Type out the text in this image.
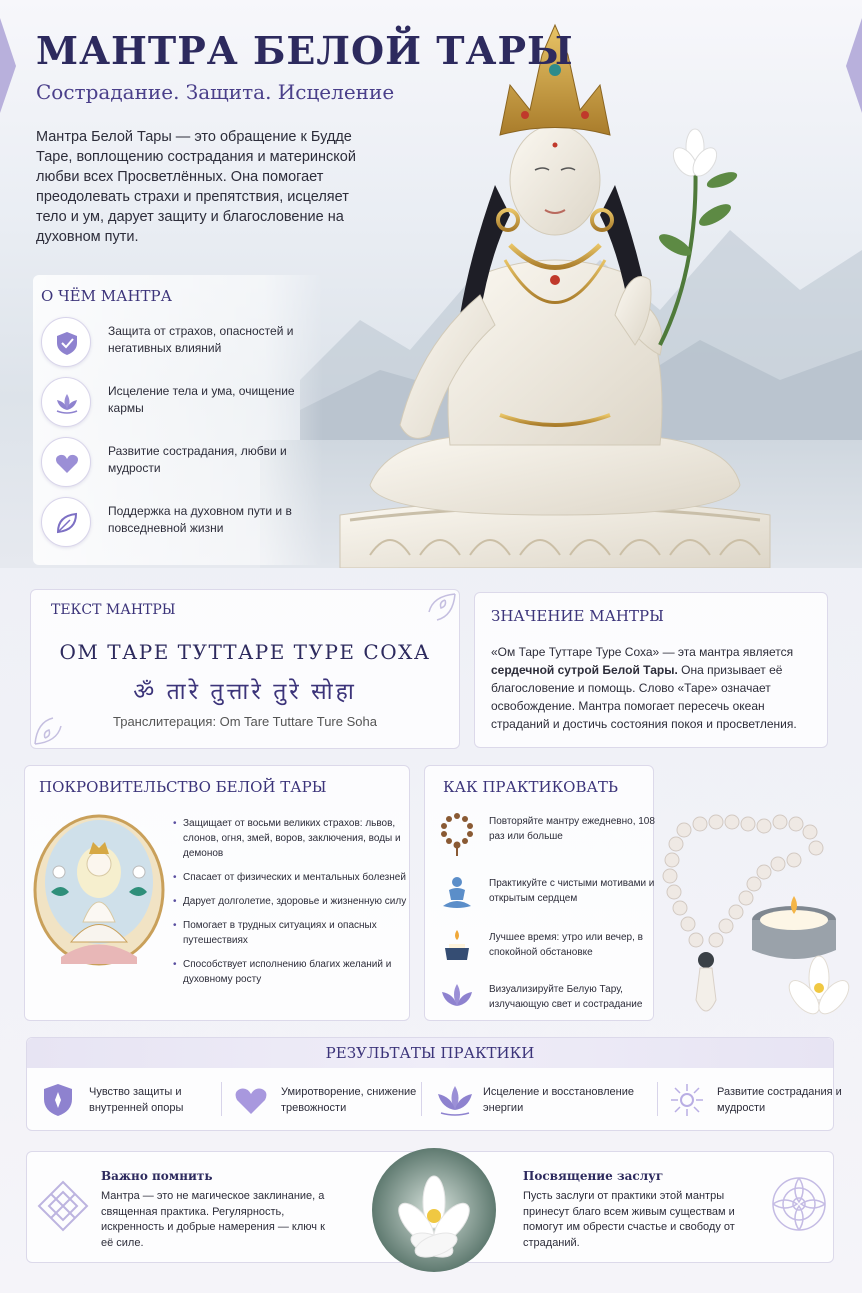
МАНТРА БЕЛОЙ ТАРЫ
Сострадание. Защита. Исцеление

Мантра Белой Тары — это обращение к Будде Таре, воплощению сострадания и материнской любви всех Просветлённых. Она помогает преодолевать страхи и препятствия, исцеляет тело и ум, дарует защиту и благословение на духовном пути.

О ЧЁМ МАНТРА
Защита от страхов, опасностей и негативных влияний
Исцеление тела и ума, очищение кармы
Развитие сострадания, любви и мудрости
Поддержка на духовном пути и в повседневной жизни
ТЕКСТ МАНТРЫ
ОМ ТАРЕ ТУТТАРЕ ТУРЕ СОХА
ॐ तारे तुत्तारे तुरे सोहा
Транслитерация: Om Tare Tuttare Ture Soha
ЗНАЧЕНИЕ МАНТРЫ

«Ом Таре Туттаре Туре Соха» — эта мантра является сердечной сутрой Белой Тары. Она призывает её благословение и помощь. Слово «Таре» означает освобождение. Мантра помогает пересечь океан страданий и достичь состояния покоя и просветления.

ПОКРОВИТЕЛЬСТВО БЕЛОЙ ТАРЫ
• Защищает от восьми великих страхов: львов, слонов, огня, змей, воров, заключения, воды и демонов
• Спасает от физических и ментальных болезней
• Дарует долголетие, здоровье и жизненную силу
• Помогает в трудных ситуациях и опасных путешествиях
• Способствует исполнению благих желаний и духовному росту
КАК ПРАКТИКОВАТЬ
Повторяйте мантру ежедневно, 108 раз или больше
Практикуйте с чистыми мотивами и открытым сердцем
Лучшее время: утро или вечер, в спокойной обстановке
Визуализируйте Белую Тару, излучающую свет и сострадание
РЕЗУЛЬТАТЫ ПРАКТИКИ
Чувство защиты и внутренней опоры
Умиротворение, снижение тревожности
Исцеление и восстановление энергии
Развитие сострадания и мудрости
Важно помнить
Мантра — это не магическое заклинание, а священная практика. Регулярность, искренность и добрые намерения — ключ к её силе.
Посвящение заслуг
Пусть заслуги от практики этой мантры принесут благо всем живым существам и помогут им обрести счастье и свободу от страданий.
